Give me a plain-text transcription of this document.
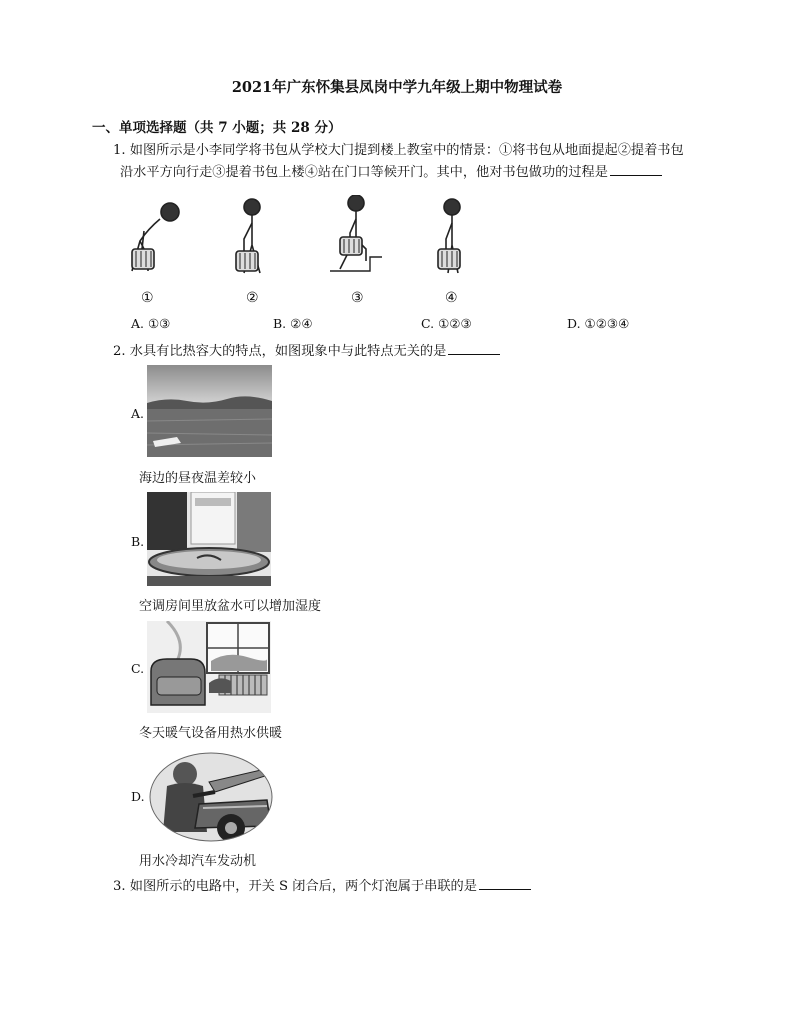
2021年广东怀集县凤岗中学九年级上期中物理试卷
一、单项选择题（共 7 小题；共 28 分）
1. 如图所示是小李同学将书包从学校大门提到楼上教室中的情景：①将书包从地面提起②提着书包
沿水平方向行走③提着书包上楼④站在门口等候开门。其中，他对书包做功的过程是
①	②	③	④
A. ①③	B. ②④	C. ①②③	D. ①②③④
2. 水具有比热容大的特点，如图现象中与此特点无关的是
A.
海边的昼夜温差较小
B.
空调房间里放盆水可以增加湿度
C.
冬天暖气设备用热水供暖
D.
用水冷却汽车发动机
3. 如图所示的电路中，开关 S 闭合后，两个灯泡属于串联的是
